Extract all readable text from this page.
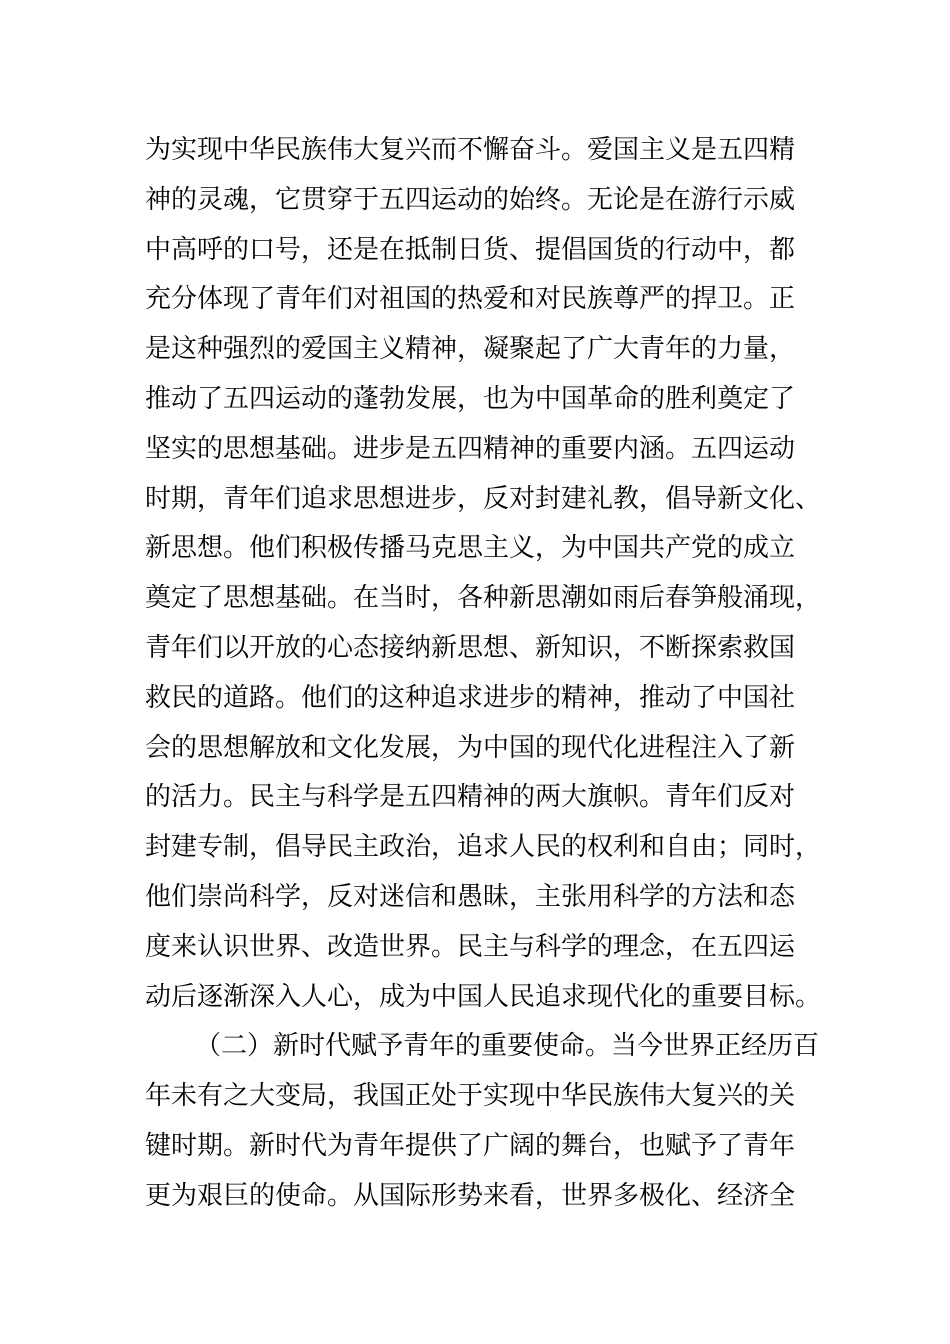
为实现中华民族伟大复兴而不懈奋斗。爱国主义是五四精
神的灵魂，它贯穿于五四运动的始终。无论是在游行示威
中高呼的口号，还是在抵制日货、提倡国货的行动中，都
充分体现了青年们对祖国的热爱和对民族尊严的捍卫。正
是这种强烈的爱国主义精神，凝聚起了广大青年的力量，
推动了五四运动的蓬勃发展，也为中国革命的胜利奠定了
坚实的思想基础。进步是五四精神的重要内涵。五四运动
时期，青年们追求思想进步，反对封建礼教，倡导新文化、
新思想。他们积极传播马克思主义，为中国共产党的成立
奠定了思想基础。在当时，各种新思潮如雨后春笋般涌现，
青年们以开放的心态接纳新思想、新知识，不断探索救国
救民的道路。他们的这种追求进步的精神，推动了中国社
会的思想解放和文化发展，为中国的现代化进程注入了新
的活力。民主与科学是五四精神的两大旗帜。青年们反对
封建专制，倡导民主政治，追求人民的权利和自由；同时，
他们崇尚科学，反对迷信和愚昧，主张用科学的方法和态
度来认识世界、改造世界。民主与科学的理念，在五四运
动后逐渐深入人心，成为中国人民追求现代化的重要目标。
（二）新时代赋予青年的重要使命。当今世界正经历百
年未有之大变局，我国正处于实现中华民族伟大复兴的关
键时期。新时代为青年提供了广阔的舞台，也赋予了青年
更为艰巨的使命。从国际形势来看，世界多极化、经济全
